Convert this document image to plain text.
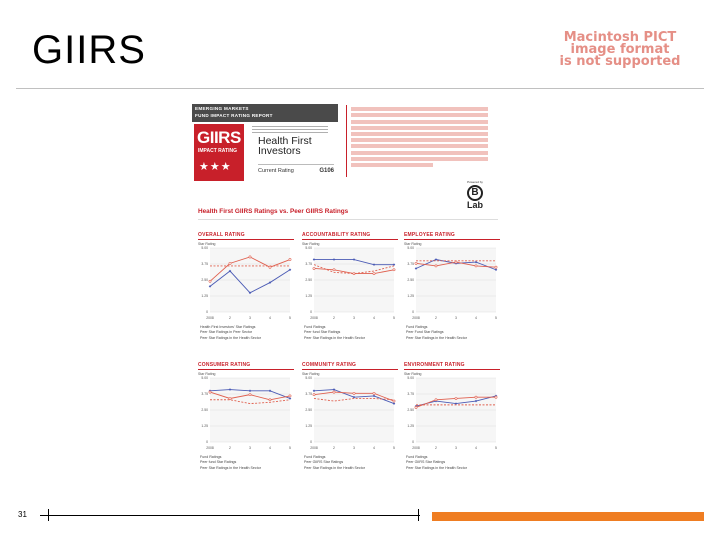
GIIRS	Macintosh PICT
image format
is not supported
EMERGING MARKETS
FUND IMPACT RATING REPORT
GIIRS
IMPACT RATING
★★★
Health First
Investors
Current Rating	G106
Powered by
B
Lab
Health First GIIRS Ratings vs. Peer GIIRS Ratings
OVERALL RATING
Star Rating
5.00
3.75
2.50
1.25
0
2008	2	3	4	5
Health First Investors' Star Ratings
Peer Star Ratings in Peer Sector
Peer Star Ratings in the Health Sector
ACCOUNTABILITY RATING
Star Rating
5.00
3.75
2.50
1.25
0
2008	2	3	4	5
Fund Ratings
Peer fund Star Ratings
Peer Star Ratings in the Health Sector
EMPLOYEE RATING
Star Rating
5.00
3.75
2.50
1.25
0
2008	2	3	4	5
Fund Ratings
Peer Fund Star Ratings
Peer Star Ratings in the Health Sector
CONSUMER RATING
Star Rating
5.00
3.75
2.50
1.25
0
2008	2	3	4	5
Fund Ratings
Peer fund Star Ratings
Peer Star Ratings in the Health Sector
COMMUNITY RATING
Star Rating
5.00
3.75
2.50
1.25
0
2008	2	3	4	5
Fund Ratings
Peer GIIRS Star Ratings
Peer Star Ratings in the Health Sector
ENVIRONMENT RATING
Star Rating
5.00
3.75
2.50
1.25
0
2008	2	3	4	5
Fund Ratings
Peer GIIRS Star Ratings
Peer Star Ratings in the Health Sector
31
